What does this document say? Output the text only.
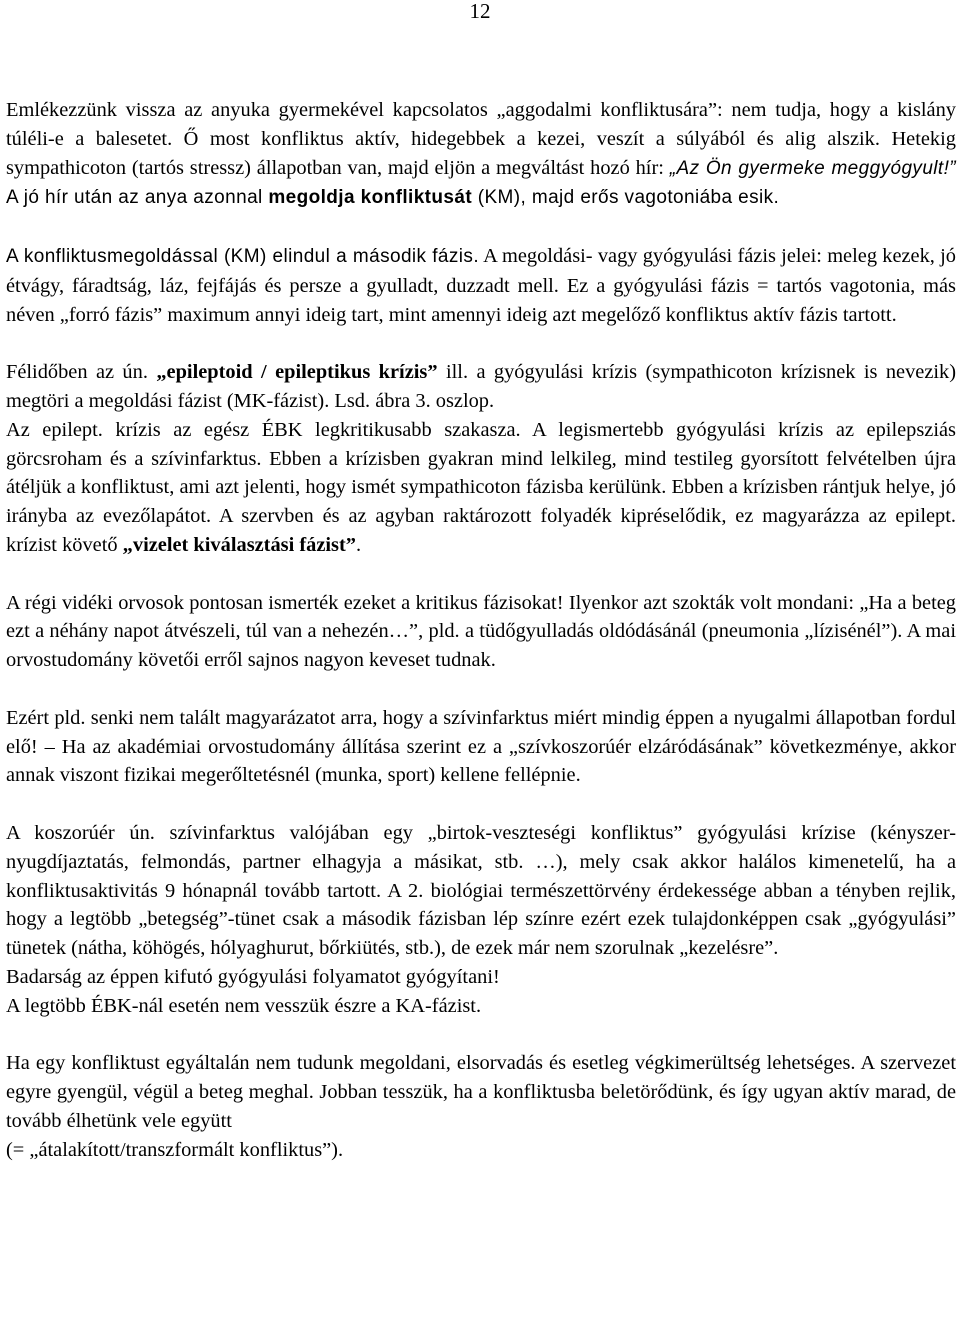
12

Emlékezzünk vissza az anyuka gyermekével kapcsolatos „aggodalmi konfliktusára”: nem tudja, hogy a kislány túléli-e a balesetet. Ő most konfliktus aktív, hidegebbek a kezei, veszít a súlyából és alig alszik. Hetekig sympathicoton (tartós stressz) állapotban van, majd eljön a megváltást hozó hír: „Az Ön gyermeke meggyógyult!” A jó hír után az anya azonnal megoldja konfliktusát (KM), majd erős vagotoniába esik.

A konfliktusmegoldással (KM) elindul a második fázis. A megoldási- vagy gyógyulási fázis jelei: meleg kezek, jó étvágy, fáradtság, láz, fejfájás és persze a gyulladt, duzzadt mell. Ez a gyógyulási fázis = tartós vagotonia, más néven „forró fázis” maximum annyi ideig tart, mint amennyi ideig azt megelőző konfliktus aktív fázis tartott.

Félidőben az ún. „epileptoid / epileptikus krízis” ill. a gyógyulási krízis (sympathicoton krízisnek is nevezik) megtöri a megoldási fázist (MK-fázist). Lsd. ábra 3. oszlop.

Az epilept. krízis az egész ÉBK legkritikusabb szakasza. A legismertebb gyógyulási krízis az epilepsziás görcsroham és a szívinfarktus. Ebben a krízisben gyakran mind lelkileg, mind testileg gyorsított felvételben újra átéljük a konfliktust, ami azt jelenti, hogy ismét sympathicoton fázisba kerülünk. Ebben a krízisben rántjuk helye, jó irányba az evezőlapátot. A szervben és az agyban raktározott folyadék kipréselődik, ez magyarázza az epilept. krízist követő „vizelet kiválasztási fázist”.

A régi vidéki orvosok pontosan ismerték ezeket a kritikus fázisokat! Ilyenkor azt szokták volt mondani: „Ha a beteg ezt a néhány napot átvészeli, túl van a nehezén…”, pld. a tüdőgyulladás oldódásánál (pneumonia „lízisénél”). A mai orvostudomány követői erről sajnos nagyon keveset tudnak.

Ezért pld. senki nem talált magyarázatot arra, hogy a szívinfarktus miért mindig éppen a nyugalmi állapotban fordul elő! – Ha az akadémiai orvostudomány állítása szerint ez a „szívkoszorúér elzáródásának” következménye, akkor annak viszont fizikai megerőltetésnél (munka, sport) kellene fellépnie.

A koszorúér ún. szívinfarktus valójában egy „birtok-veszteségi konfliktus” gyógyulási krízise (kényszer-nyugdíjaztatás, felmondás, partner elhagyja a másikat, stb. …), mely csak akkor halálos kimenetelű, ha a konfliktusaktivitás 9 hónapnál tovább tartott. A 2. biológiai természettörvény érdekessége abban a tényben rejlik, hogy a legtöbb „betegség”-tünet csak a második fázisban lép színre ezért ezek tulajdonképpen csak „gyógyulási” tünetek (nátha, köhögés, hólyaghurut, bőrkiütés, stb.), de ezek már nem szorulnak „kezelésre”.

Badarság az éppen kifutó gyógyulási folyamatot gyógyítani!

A legtöbb ÉBK-nál esetén nem vesszük észre a KA-fázist.

Ha egy konfliktust egyáltalán nem tudunk megoldani, elsorvadás és esetleg végkimerültség lehetséges. A szervezet egyre gyengül, végül a beteg meghal. Jobban tesszük, ha a konfliktusba beletörődünk, és így ugyan aktív marad, de tovább élhetünk vele együtt

(= „átalakított/transzformált konfliktus”).
